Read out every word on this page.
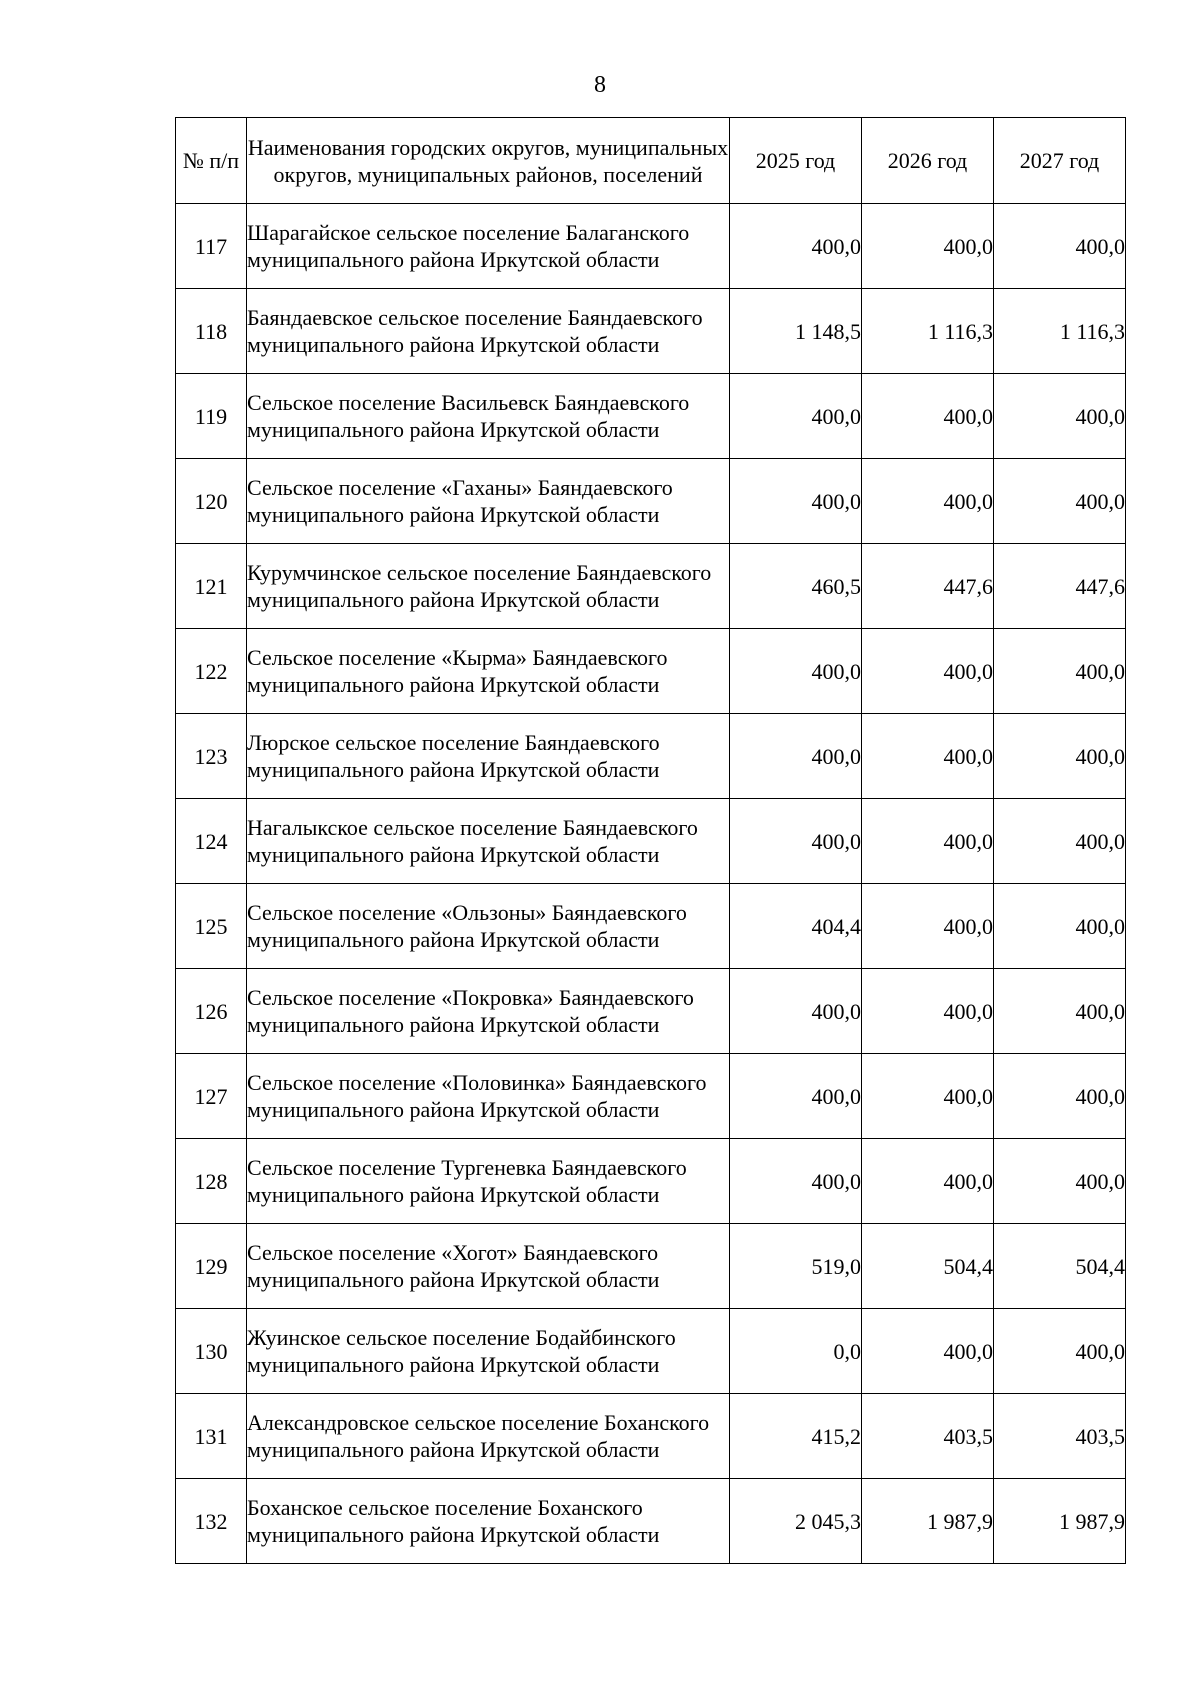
8
№ п/п	Наименования городских округов, муниципальных округов, муниципальных районов, поселений	2025 год	2026 год	2027 год
117	Шарагайское сельское поселение Балаганского муниципального района Иркутской области	400,0	400,0	400,0
118	Баяндаевское сельское поселение Баяндаевского муниципального района Иркутской области	1 148,5	1 116,3	1 116,3
119	Сельское поселение Васильевск Баяндаевского муниципального района Иркутской области	400,0	400,0	400,0
120	Сельское поселение «Гаханы» Баяндаевского муниципального района Иркутской области	400,0	400,0	400,0
121	Курумчинское сельское поселение Баяндаевского муниципального района Иркутской области	460,5	447,6	447,6
122	Сельское поселение «Кырма» Баяндаевского муниципального района Иркутской области	400,0	400,0	400,0
123	Люрское сельское поселение Баяндаевского муниципального района Иркутской области	400,0	400,0	400,0
124	Нагалыкское сельское поселение Баяндаевского муниципального района Иркутской области	400,0	400,0	400,0
125	Сельское поселение «Ользоны» Баяндаевского муниципального района Иркутской области	404,4	400,0	400,0
126	Сельское поселение «Покровка» Баяндаевского муниципального района Иркутской области	400,0	400,0	400,0
127	Сельское поселение «Половинка» Баяндаевского муниципального района Иркутской области	400,0	400,0	400,0
128	Сельское поселение Тургеневка Баяндаевского муниципального района Иркутской области	400,0	400,0	400,0
129	Сельское поселение «Хогот» Баяндаевского муниципального района Иркутской области	519,0	504,4	504,4
130	Жуинское сельское поселение Бодайбинского муниципального района Иркутской области	0,0	400,0	400,0
131	Александровское сельское поселение Боханского муниципального района Иркутской области	415,2	403,5	403,5
132	Боханское сельское поселение Боханского муниципального района Иркутской области	2 045,3	1 987,9	1 987,9
